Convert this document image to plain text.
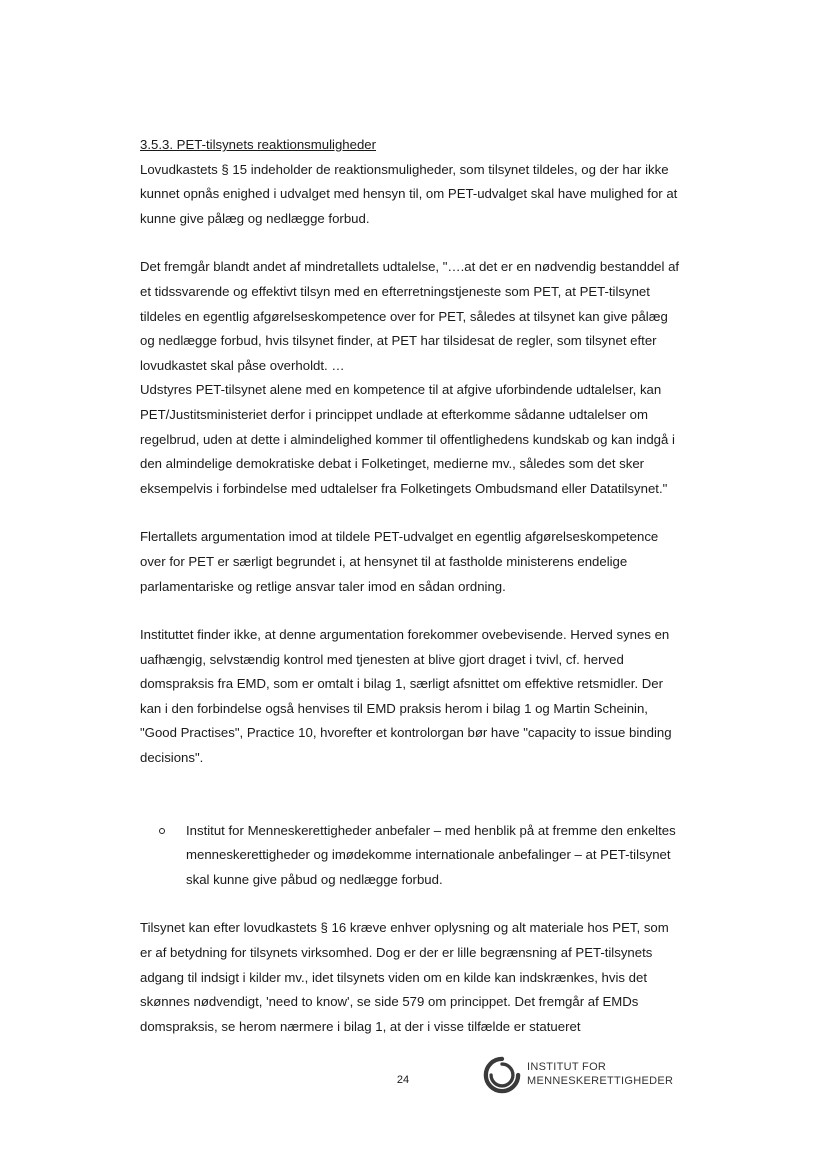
3.5.3. PET-tilsynets reaktionsmuligheder

Lovudkastets § 15 indeholder de reaktionsmuligheder, som tilsynet tildeles, og der har ikke kunnet opnås enighed i udvalget med hensyn til, om PET-udvalget skal have mulighed for at kunne give pålæg og nedlægge forbud.

Det fremgår blandt andet af mindretallets udtalelse, "….at det er en nødvendig bestanddel af et tidssvarende og effektivt tilsyn med en efterretningstjeneste som PET, at PET-tilsynet tildeles en egentlig afgørelseskompetence over for PET, således at tilsynet kan give pålæg og nedlægge forbud, hvis tilsynet finder, at PET har tilsidesat de regler, som tilsynet efter lovudkastet skal påse overholdt. …

Udstyres PET-tilsynet alene med en kompetence til at afgive uforbindende udtalelser, kan PET/Justitsministeriet derfor i princippet undlade at efterkomme sådanne udtalelser om regelbrud, uden at dette i almindelighed kommer til offentlighedens kundskab og kan indgå i den almindelige demokratiske debat i Folketinget, medierne mv., således som det sker eksempelvis i forbindelse med udtalelser fra Folketingets Ombudsmand eller Datatilsynet."

Flertallets argumentation imod at tildele PET-udvalget en egentlig afgørelseskompetence over for PET er særligt begrundet i, at hensynet til at fastholde ministerens endelige parlamentariske og retlige ansvar taler imod en sådan ordning.

Instituttet finder ikke, at denne argumentation forekommer ovebevisende. Herved synes en uafhængig, selvstændig kontrol med tjenesten at blive gjort draget i tvivl, cf. herved domspraksis fra EMD, som er omtalt i bilag 1, særligt afsnittet om effektive retsmidler. Der kan i den forbindelse også henvises til EMD praksis herom i bilag 1 og Martin Scheinin, "Good Practises", Practice 10, hvorefter et kontrolorgan bør have "capacity to issue binding decisions".

Institut for Menneskerettigheder anbefaler – med henblik på at fremme den enkeltes menneskerettigheder og imødekomme internationale anbefalinger – at PET-tilsynet skal kunne give påbud og nedlægge forbud.

Tilsynet kan efter lovudkastets § 16 kræve enhver oplysning og alt materiale hos PET, som er af betydning for tilsynets virksomhed. Dog er der er lille begrænsning af PET-tilsynets adgang til indsigt i kilder mv., idet tilsynets viden om en kilde kan indskrænkes, hvis det skønnes nødvendigt, 'need to know', se side 579 om princippet. Det fremgår af EMDs domspraksis, se herom nærmere i bilag 1, at der i visse tilfælde er statueret

24
INSTITUT FOR
MENNESKERETTIGHEDER
